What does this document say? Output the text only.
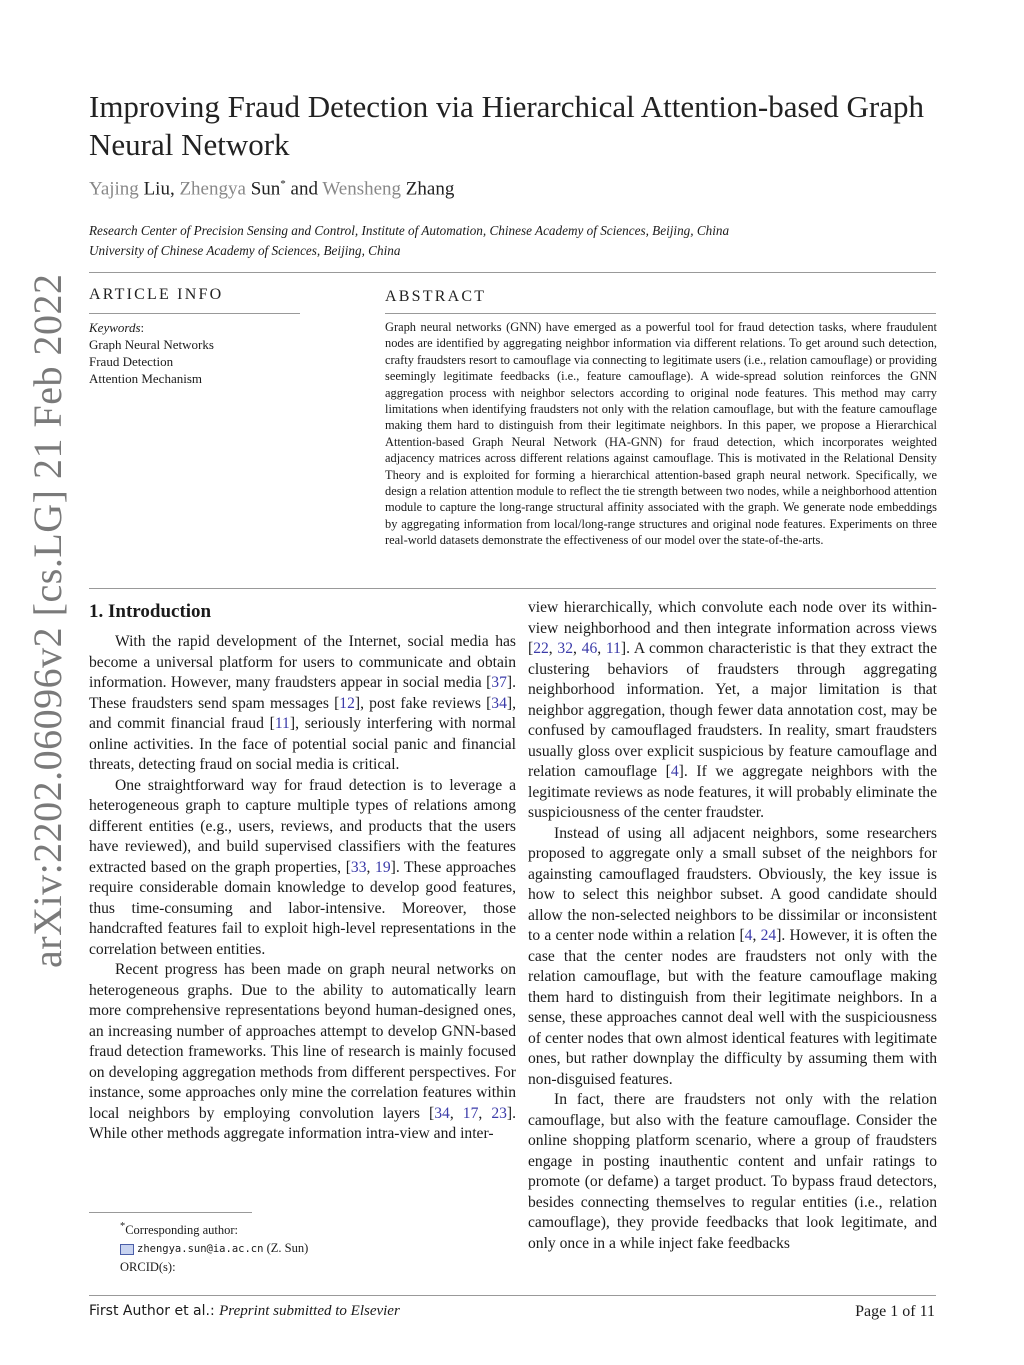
arXiv:2202.06096v2 [cs.LG] 21 Feb 2022
Improving Fraud Detection via Hierarchical Attention-based Graph Neural Network
Yajing Liu, Zhengya Sun* and Wensheng Zhang
Research Center of Precision Sensing and Control, Institute of Automation, Chinese Academy of Sciences, Beijing, China
University of Chinese Academy of Sciences, Beijing, China
ARTICLE INFO	ABSTRACT
Keywords:
Graph Neural Networks
Fraud Detection
Attention Mechanism
Graph neural networks (GNN) have emerged as a powerful tool for fraud detection tasks, where fraudulent nodes are identified by aggregating neighbor information via different relations. To get around such detection, crafty fraudsters resort to camouflage via connecting to legitimate users (i.e., relation camouflage) or providing seemingly legitimate feedbacks (i.e., feature camouflage). A wide-spread solution reinforces the GNN aggregation process with neighbor selectors according to original node features. This method may carry limitations when identifying fraudsters not only with the relation camouflage, but with the feature camouflage making them hard to distinguish from their legitimate neighbors. In this paper, we propose a Hierarchical Attention-based Graph Neural Network (HA-GNN) for fraud detection, which incorporates weighted adjacency matrices across different relations against camouflage. This is motivated in the Relational Density Theory and is exploited for forming a hierarchical attention-based graph neural network. Specifically, we design a relation attention module to reflect the tie strength between two nodes, while a neighborhood attention module to capture the long-range structural affinity associated with the graph. We generate node embeddings by aggregating information from local/long-range structures and original node features. Experiments on three real-world datasets demonstrate the effectiveness of our model over the state-of-the-arts.
1. Introduction

With the rapid development of the Internet, social media has become a universal platform for users to communicate and obtain information. However, many fraudsters appear in social media [37]. These fraudsters send spam messages [12], post fake reviews [34], and commit financial fraud [11], seriously interfering with normal online activities. In the face of potential social panic and financial threats, detecting fraud on social media is critical.

One straightforward way for fraud detection is to leverage a heterogeneous graph to capture multiple types of relations among different entities (e.g., users, reviews, and products that the users have reviewed), and build supervised classifiers with the features extracted based on the graph properties, [33, 19]. These approaches require considerable domain knowledge to develop good features, thus time-consuming and labor-intensive. Moreover, those handcrafted features fail to exploit high-level representations in the correlation between entities.

Recent progress has been made on graph neural networks on heterogeneous graphs. Due to the ability to automatically learn more comprehensive representations beyond human-designed ones, an increasing number of approaches attempt to develop GNN-based fraud detection frameworks. This line of research is mainly focused on developing aggregation methods from different perspectives. For instance, some approaches only mine the correlation features within local neighbors by employing convolution layers [34, 17, 23]. While other methods aggregate information intra-view and inter-

view hierarchically, which convolute each node over its within-view neighborhood and then integrate information across views [22, 32, 46, 11]. A common characteristic is that they extract the clustering behaviors of fraudsters through aggregating neighborhood information. Yet, a major limitation is that neighbor aggregation, though fewer data annotation cost, may be confused by camouflaged fraudsters. In reality, smart fraudsters usually gloss over explicit suspicious by feature camouflage and relation camouflage [4]. If we aggregate neighbors with the legitimate reviews as node features, it will probably eliminate the suspiciousness of the center fraudster.

Instead of using all adjacent neighbors, some researchers proposed to aggregate only a small subset of the neighbors for againsting camouflaged fraudsters. Obviously, the key issue is how to select this neighbor subset. A good candidate should allow the non-selected neighbors to be dissimilar or inconsistent to a center node within a relation [4, 24]. However, it is often the case that the center nodes are fraudsters not only with the relation camouflage, but with the feature camouflage making them hard to distinguish from their legitimate neighbors. In a sense, these approaches cannot deal well with the suspiciousness of center nodes that own almost identical features with legitimate ones, but rather downplay the difficulty by assuming them with non-disguised features.

In fact, there are fraudsters not only with the relation camouflage, but also with the feature camouflage. Consider the online shopping platform scenario, where a group of fraudsters engage in posting inauthentic content and unfair ratings to promote (or defame) a target product. To bypass fraud detectors, besides connecting themselves to regular entities (i.e., relation camouflage), they provide feedbacks that look legitimate, and only once in a while inject fake feedbacks

*Corresponding author:
zhengya.sun@ia.ac.cn (Z. Sun)
ORCID(s):
First Author et al.: Preprint submitted to Elsevier	Page 1 of 11
